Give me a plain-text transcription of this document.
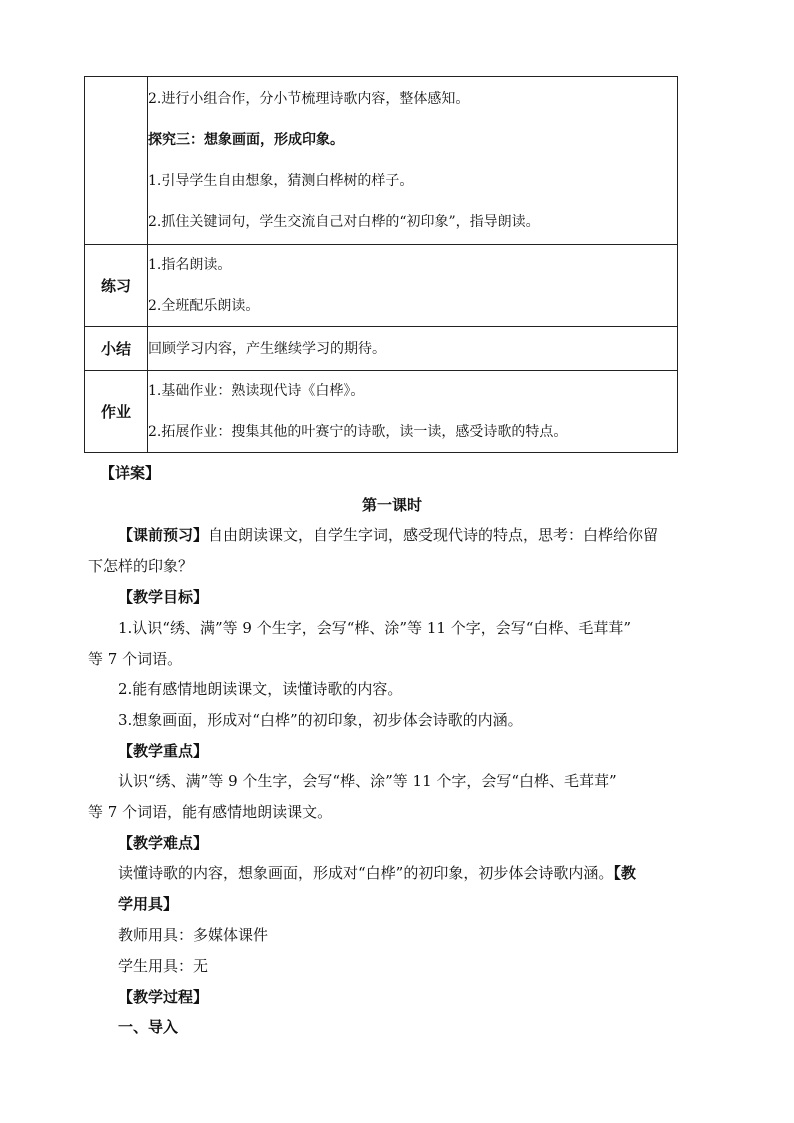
	2.进行小组合作，分小节梳理诗歌内容，整体感知。

探究三：想象画面，形成印象。

1.引导学生自由想象，猜测白桦树的样子。

2.抓住关键词句，学生交流自己对白桦的“初印象”，指导朗读。

练习	1.指名朗读。

2.全班配乐朗读。

小结	回顾学习内容，产生继续学习的期待。

作业	1.基础作业：熟读现代诗《白桦》。

2.拓展作业：搜集其他的叶赛宁的诗歌，读一读，感受诗歌的特点。

【详案】
第一课时
【课前预习】自由朗读课文，自学生字词，感受现代诗的特点，思考：白桦给你留
下怎样的印象？
【教学目标】
1.认识“绣、满”等 9 个生字，会写“桦、涂”等 11 个字，会写“白桦、毛茸茸”
等 7 个词语。
2.能有感情地朗读课文，读懂诗歌的内容。
3.想象画面，形成对“白桦”的初印象，初步体会诗歌的内涵。
【教学重点】
认识“绣、满”等 9 个生字，会写“桦、涂”等 11 个字，会写“白桦、毛茸茸”
等 7 个词语，能有感情地朗读课文。
【教学难点】
读懂诗歌的内容，想象画面，形成对“白桦”的初印象，初步体会诗歌内涵。【教
学用具】
教师用具：多媒体课件
学生用具：无
【教学过程】
一、导入
